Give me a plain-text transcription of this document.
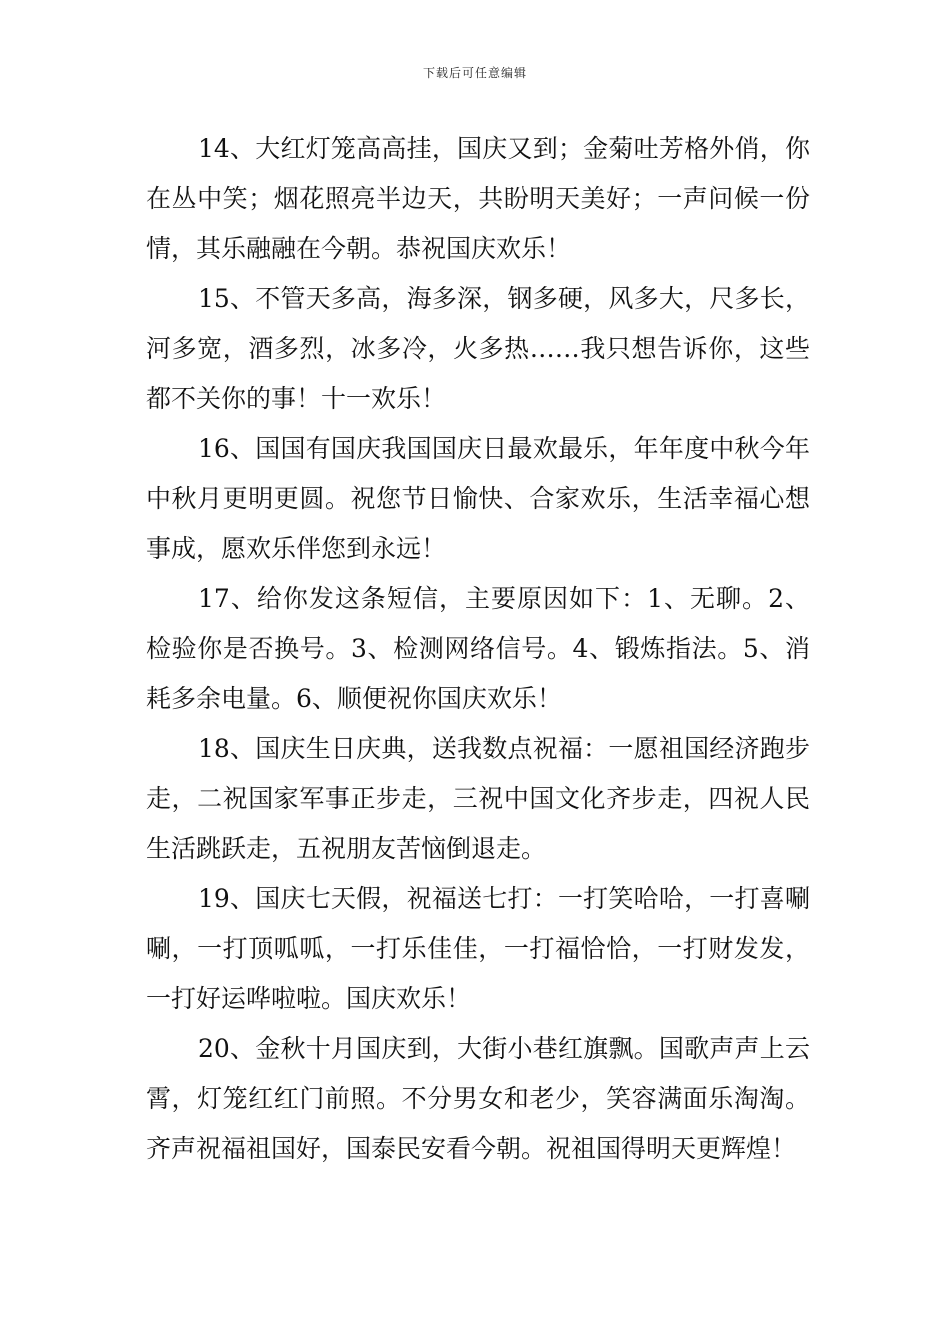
下载后可任意编辑

14、大红灯笼高高挂，国庆又到；金菊吐芳格外俏，你在丛中笑；烟花照亮半边天，共盼明天美好；一声问候一份情，其乐融融在今朝。恭祝国庆欢乐！

15、不管天多高，海多深，钢多硬，风多大，尺多长，河多宽，酒多烈，冰多冷，火多热……我只想告诉你，这些都不关你的事！十一欢乐！

16、国国有国庆我国国庆日最欢最乐，年年度中秋今年中秋月更明更圆。祝您节日愉快、合家欢乐，生活幸福心想事成，愿欢乐伴您到永远！

17、给你发这条短信，主要原因如下：1、无聊。2、检验你是否换号。3、检测网络信号。4、锻炼指法。5、消耗多余电量。6、顺便祝你国庆欢乐！

18、国庆生日庆典，送我数点祝福：一愿祖国经济跑步走，二祝国家军事正步走，三祝中国文化齐步走，四祝人民生活跳跃走，五祝朋友苦恼倒退走。

19、国庆七天假，祝福送七打：一打笑哈哈，一打喜唰唰，一打顶呱呱，一打乐佳佳，一打福恰恰，一打财发发，一打好运哗啦啦。国庆欢乐！

20、金秋十月国庆到，大街小巷红旗飘。国歌声声上云霄，灯笼红红门前照。不分男女和老少，笑容满面乐淘淘。齐声祝福祖国好，国泰民安看今朝。祝祖国得明天更辉煌！
